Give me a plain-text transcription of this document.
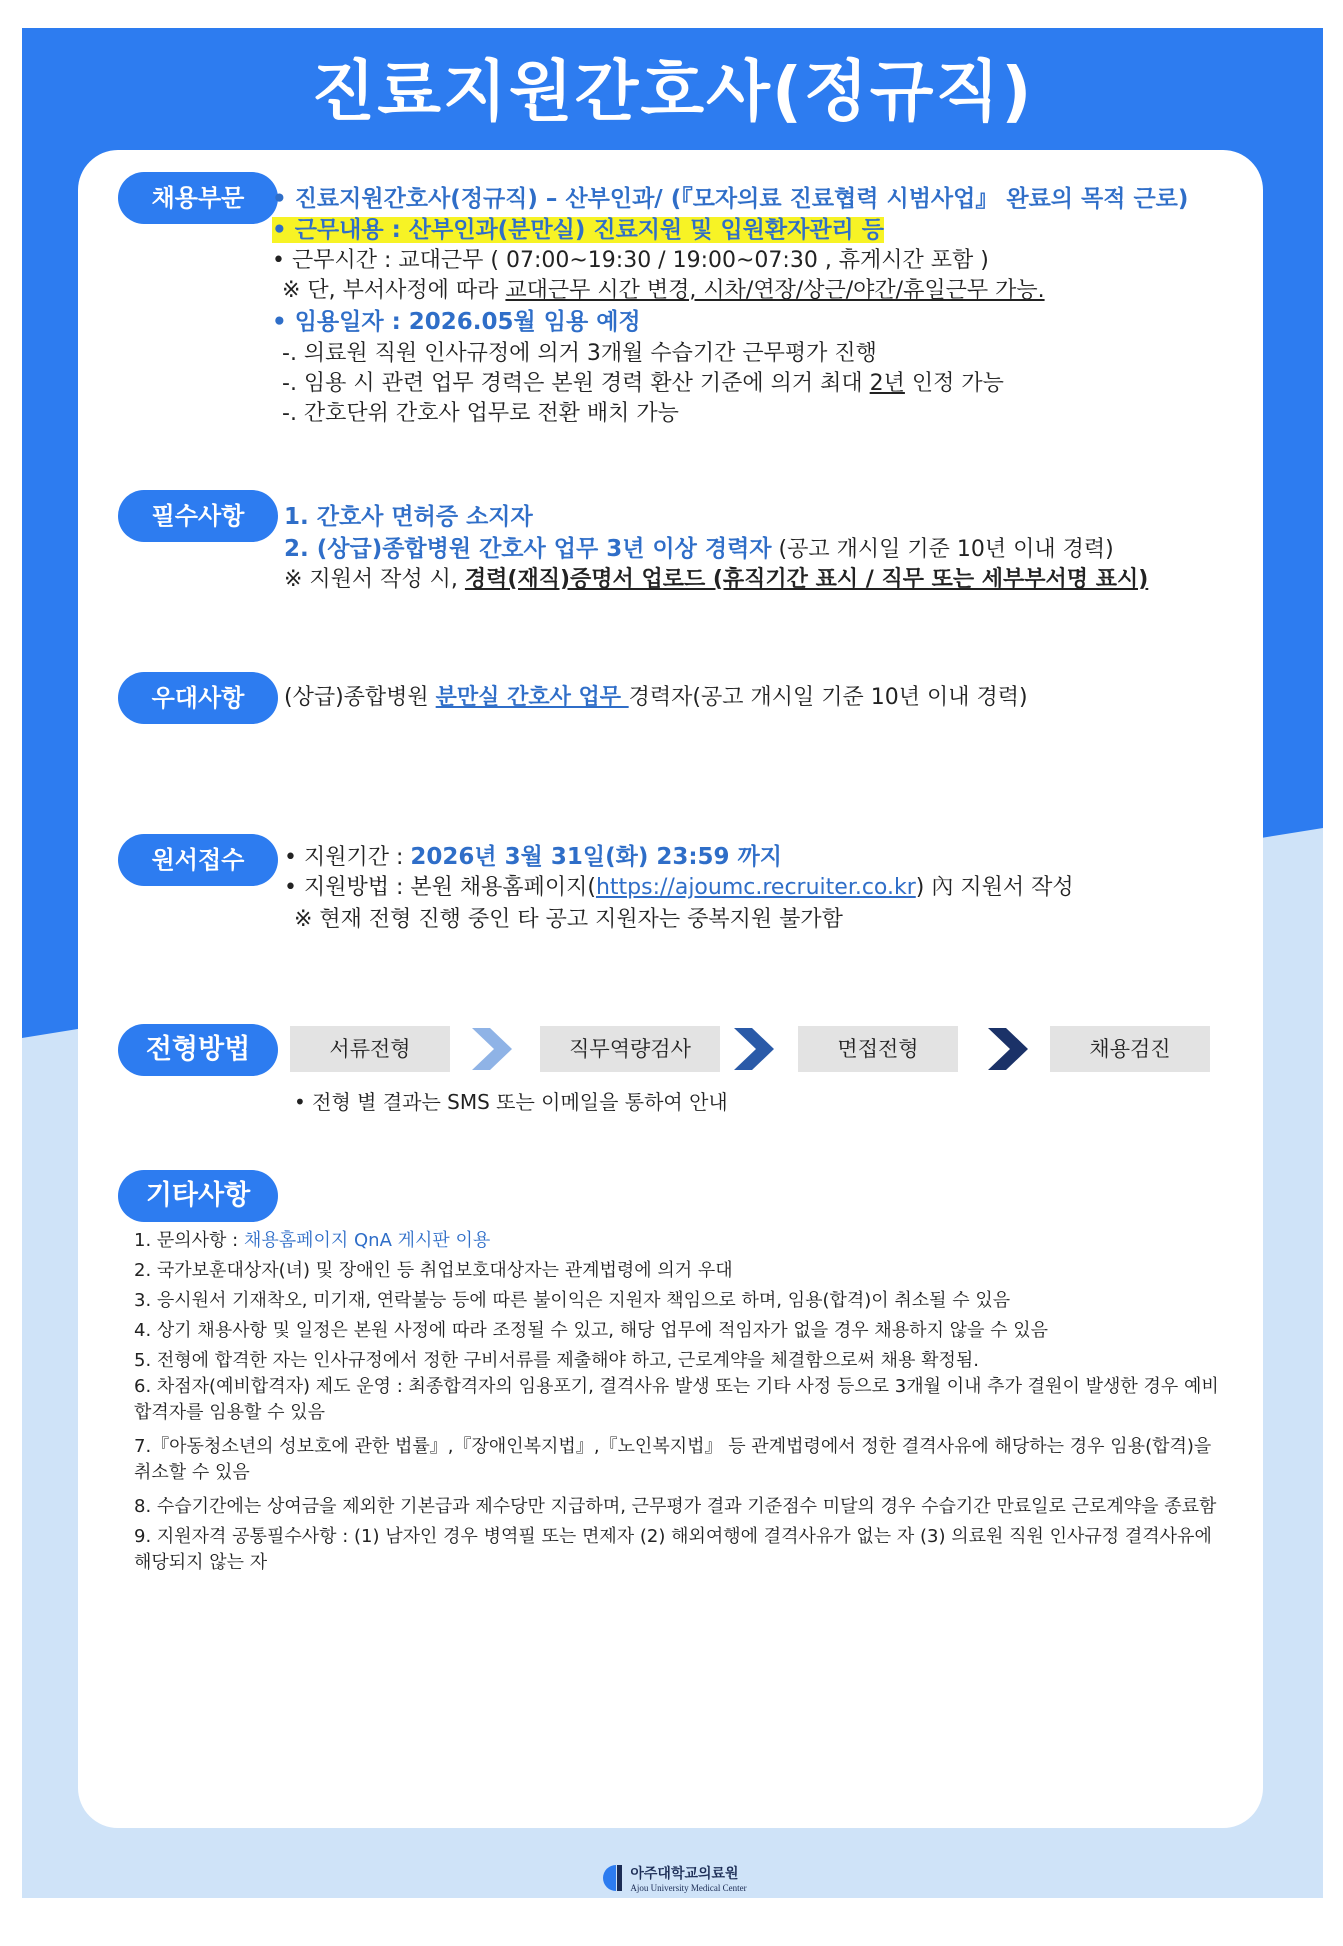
진료지원간호사(정규직)
채용부문	• 진료지원간호사(정규직) – 산부인과/ (『모자의료 진료협력 시범사업』 완료의 목적 근로)
• 근무내용 : 산부인과(분만실) 진료지원 및 입원환자관리 등
• 근무시간 : 교대근무 ( 07:00~19:30 / 19:00~07:30 , 휴게시간 포함 )
※ 단, 부서사정에 따라 교대근무 시간 변경, 시차/연장/상근/야간/휴일근무 가능.
• 임용일자 : 2026.05월 임용 예정
-. 의료원 직원 인사규정에 의거 3개월 수습기간 근무평가 진행
-. 임용 시 관련 업무 경력은 본원 경력 환산 기준에 의거 최대 2년 인정 가능
-. 간호단위 간호사 업무로 전환 배치 가능
필수사항	1. 간호사 면허증 소지자
2. (상급)종합병원 간호사 업무 3년 이상 경력자 (공고 개시일 기준 10년 이내 경력)
※ 지원서 작성 시, 경력(재직)증명서 업로드 (휴직기간 표시 / 직무 또는 세부부서명 표시)
우대사항	(상급)종합병원 분만실 간호사 업무 경력자(공고 개시일 기준 10년 이내 경력)
원서접수	• 지원기간 : 2026년 3월 31일(화) 23:59 까지
• 지원방법 : 본원 채용홈페이지(https://ajoumc.recruiter.co.kr) 內 지원서 작성
※ 현재 전형 진행 중인 타 공고 지원자는 중복지원 불가함
전형방법	서류전형	직무역량검사	면접전형	채용검진
• 전형 별 결과는 SMS 또는 이메일을 통하여 안내
기타사항
1. 문의사항 : 채용홈페이지 QnA 게시판 이용
2. 국가보훈대상자(녀) 및 장애인 등 취업보호대상자는 관계법령에 의거 우대
3. 응시원서 기재착오, 미기재, 연락불능 등에 따른 불이익은 지원자 책임으로 하며, 임용(합격)이 취소될 수 있음
4. 상기 채용사항 및 일정은 본원 사정에 따라 조정될 수 있고, 해당 업무에 적임자가 없을 경우 채용하지 않을 수 있음
5. 전형에 합격한 자는 인사규정에서 정한 구비서류를 제출해야 하고, 근로계약을 체결함으로써 채용 확정됨.
6. 차점자(예비합격자) 제도 운영 : 최종합격자의 임용포기, 결격사유 발생 또는 기타 사정 등으로 3개월 이내 추가 결원이 발생한 경우 예비합격자를 임용할 수 있음
7.『아동청소년의 성보호에 관한 법률』,『장애인복지법』,『노인복지법』 등 관계법령에서 정한 결격사유에 해당하는 경우 임용(합격)을 취소할 수 있음
8. 수습기간에는 상여금을 제외한 기본급과 제수당만 지급하며, 근무평가 결과 기준점수 미달의 경우 수습기간 만료일로 근로계약을 종료함
9. 지원자격 공통필수사항 : (1) 남자인 경우 병역필 또는 면제자 (2) 해외여행에 결격사유가 없는 자 (3) 의료원 직원 인사규정 결격사유에 해당되지 않는 자
아주대학교의료원
Ajou University Medical Center
